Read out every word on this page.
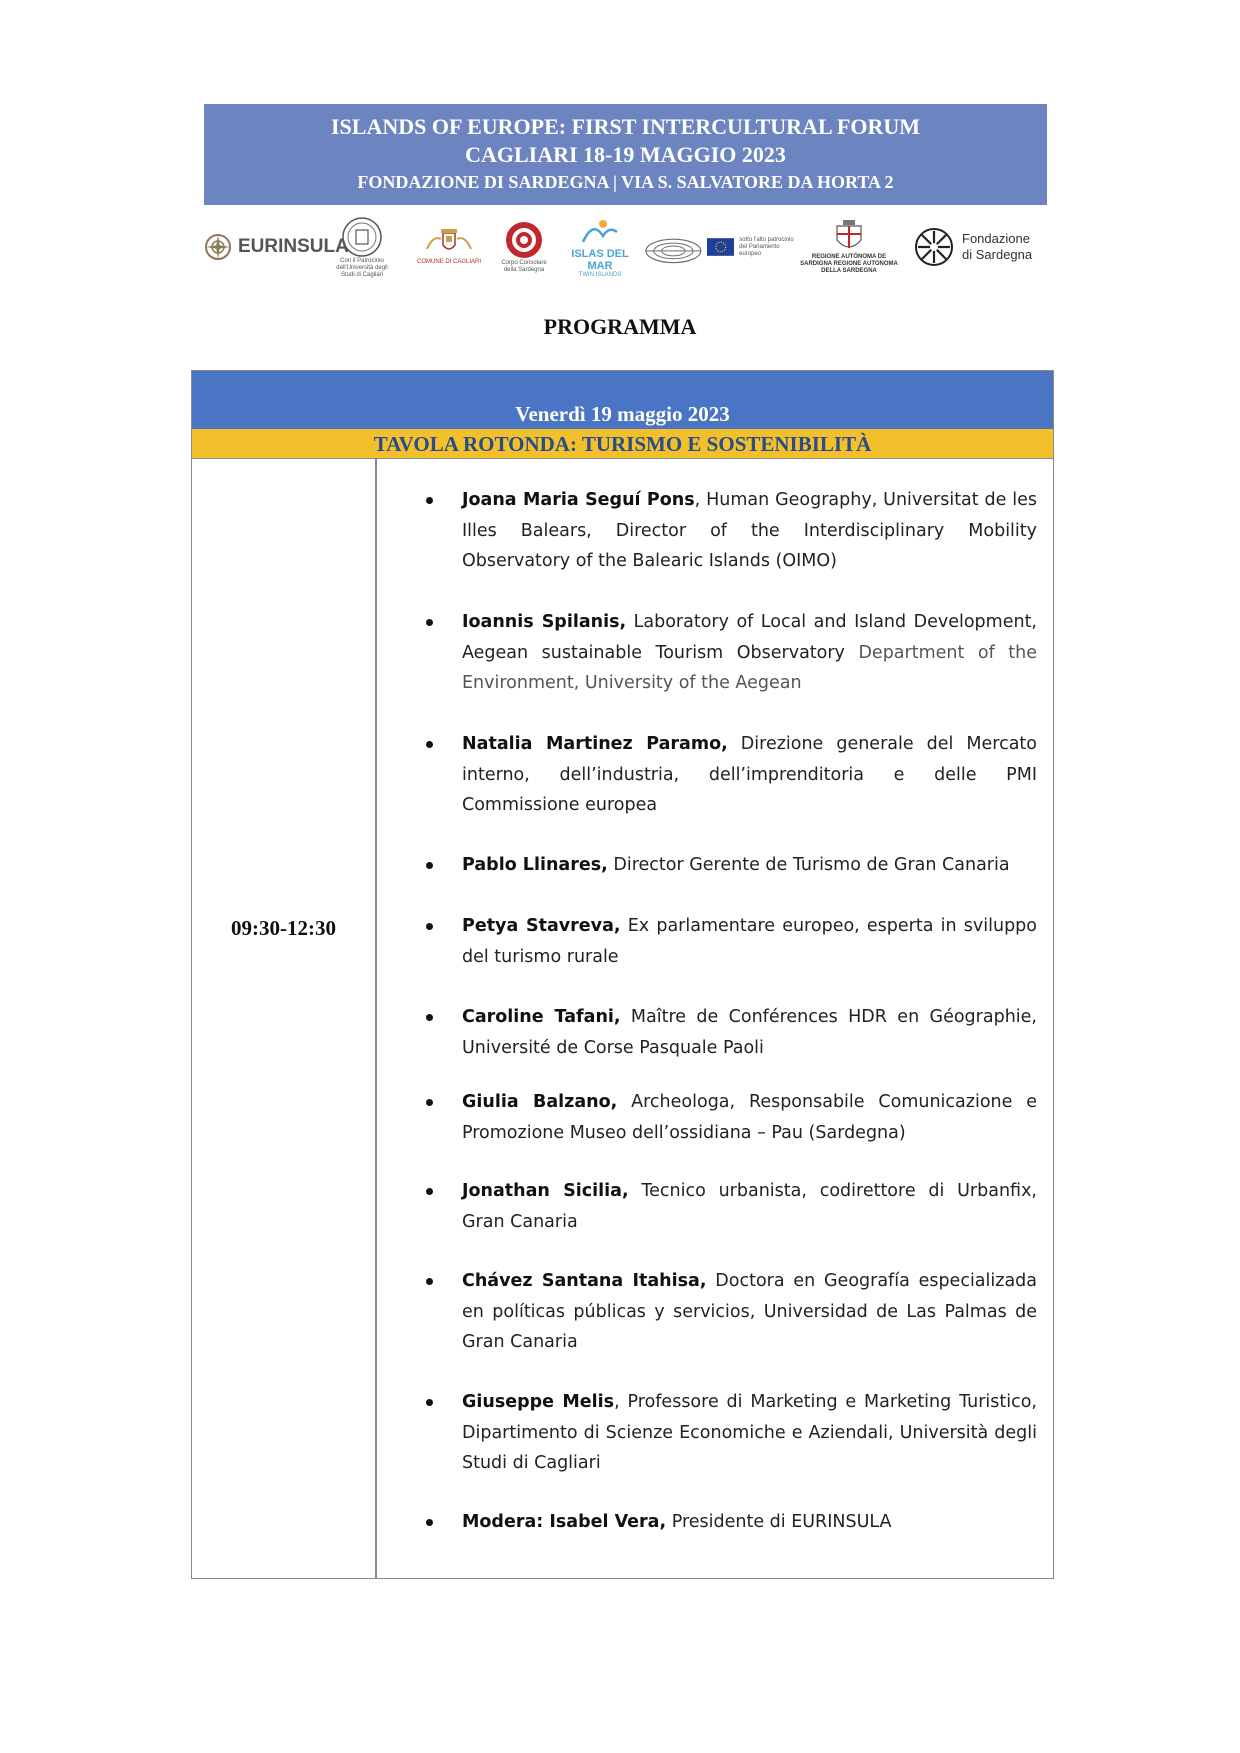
ISLANDS OF EUROPE: FIRST INTERCULTURAL FORUM
CAGLIARI 18-19 MAGGIO 2023
FONDAZIONE DI SARDEGNA | VIA S. SALVATORE DA HORTA 2
EURINSULA
Con il Patrocinio dell'Università degli Studi di Cagliari
COMUNE DI CAGLIARI	Corpo Consolare della Sardegna
ISLAS DEL MAR
TWIN ISLANDS
sotto l'alto patrocinio del Parlamento europeo	REGIONE AUTÒNOMA DE SARDIGNA REGIONE AUTONOMA DELLA SARDEGNA
Fondazione
di Sardegna
PROGRAMMA
Venerdì 19 maggio 2023
TAVOLA ROTONDA: TURISMO E SOSTENIBILITÀ
09:30-12:30
Joana Maria Seguí Pons, Human Geography, Universitat de les Illes Balears, Director of the Interdisciplinary Mobility Observatory of the Balearic Islands (OIMO)
Ioannis Spilanis, Laboratory of Local and Island Development, Aegean sustainable Tourism Observatory Department of the Environment, University of the Aegean
Natalia Martinez Paramo, Direzione generale del Mercato interno, dell’industria, dell’imprenditoria e delle PMI Commissione europea
Pablo Llinares, Director Gerente de Turismo de Gran Canaria
Petya Stavreva, Ex parlamentare europeo, esperta in sviluppo del turismo rurale
Caroline Tafani, Maître de Conférences HDR en Géographie, Université de Corse Pasquale Paoli
Giulia Balzano, Archeologa, Responsabile Comunicazione e Promozione Museo dell’ossidiana – Pau (Sardegna)
Jonathan Sicilia, Tecnico urbanista, codirettore di Urbanfix, Gran Canaria
Chávez Santana Itahisa, Doctora en Geografía especializada en políticas públicas y servicios, Universidad de Las Palmas de Gran Canaria
Giuseppe Melis, Professore di Marketing e Marketing Turistico, Dipartimento di Scienze Economiche e Aziendali, Università degli Studi di Cagliari
Modera: Isabel Vera, Presidente di EURINSULA
